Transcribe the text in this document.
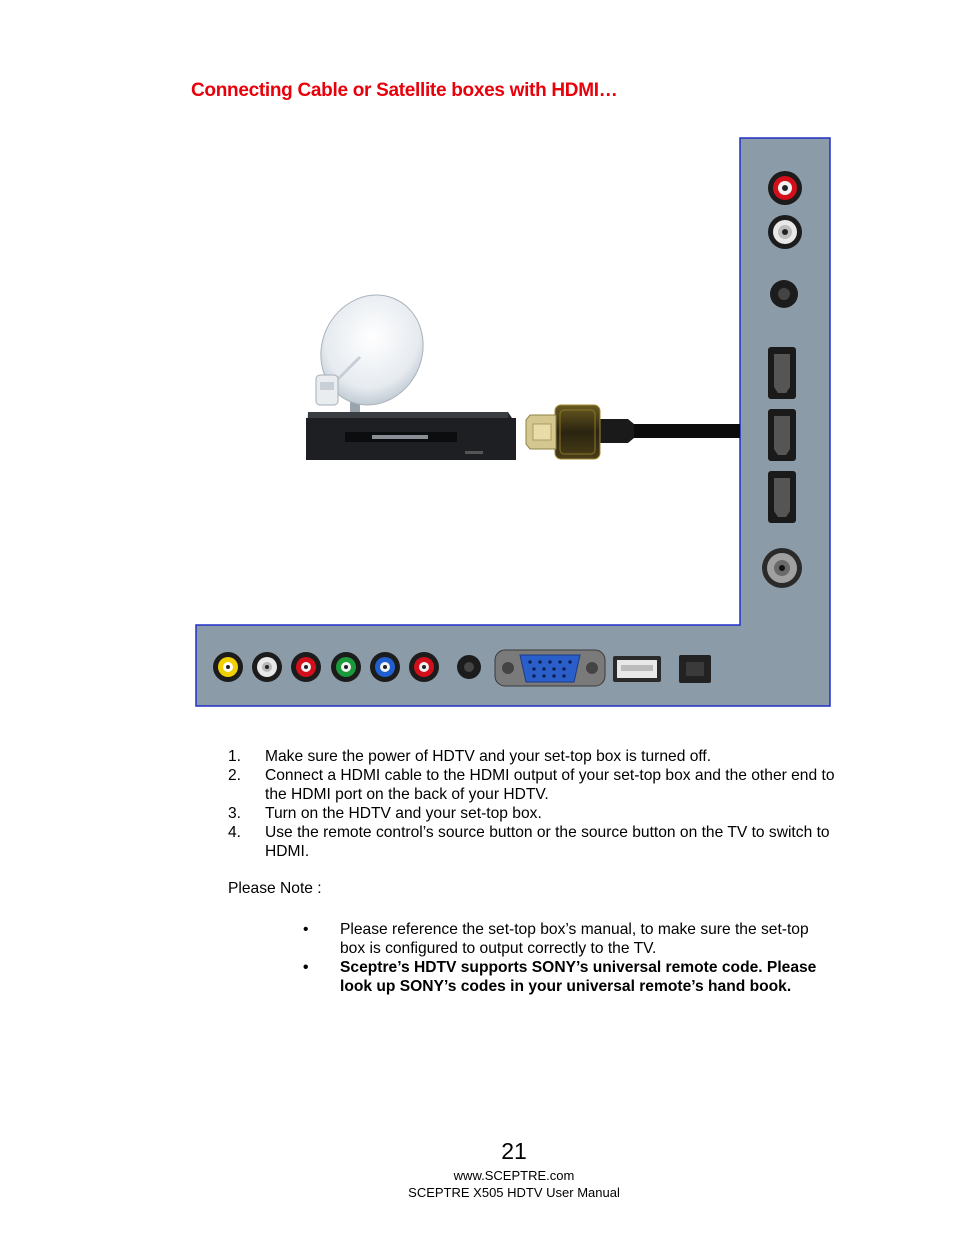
Connecting Cable or Satellite boxes with HDMI…
1. Make sure the power of HDTV and your set-top box is turned off.
2. Connect a HDMI cable to the HDMI output of your set-top box and the other end to the HDMI port on the back of your HDTV.
3. Turn on the HDTV and your set-top box.
4. Use the remote control’s source button or the source button on the TV to switch to HDMI.

Please Note :

• Please reference the set-top box’s manual, to make sure the set-top box is configured to output correctly to the TV.
• Sceptre’s HDTV supports SONY’s universal remote code. Please look up SONY’s codes in your universal remote’s hand book.
21
www.SCEPTRE.com
SCEPTRE X505 HDTV User Manual
